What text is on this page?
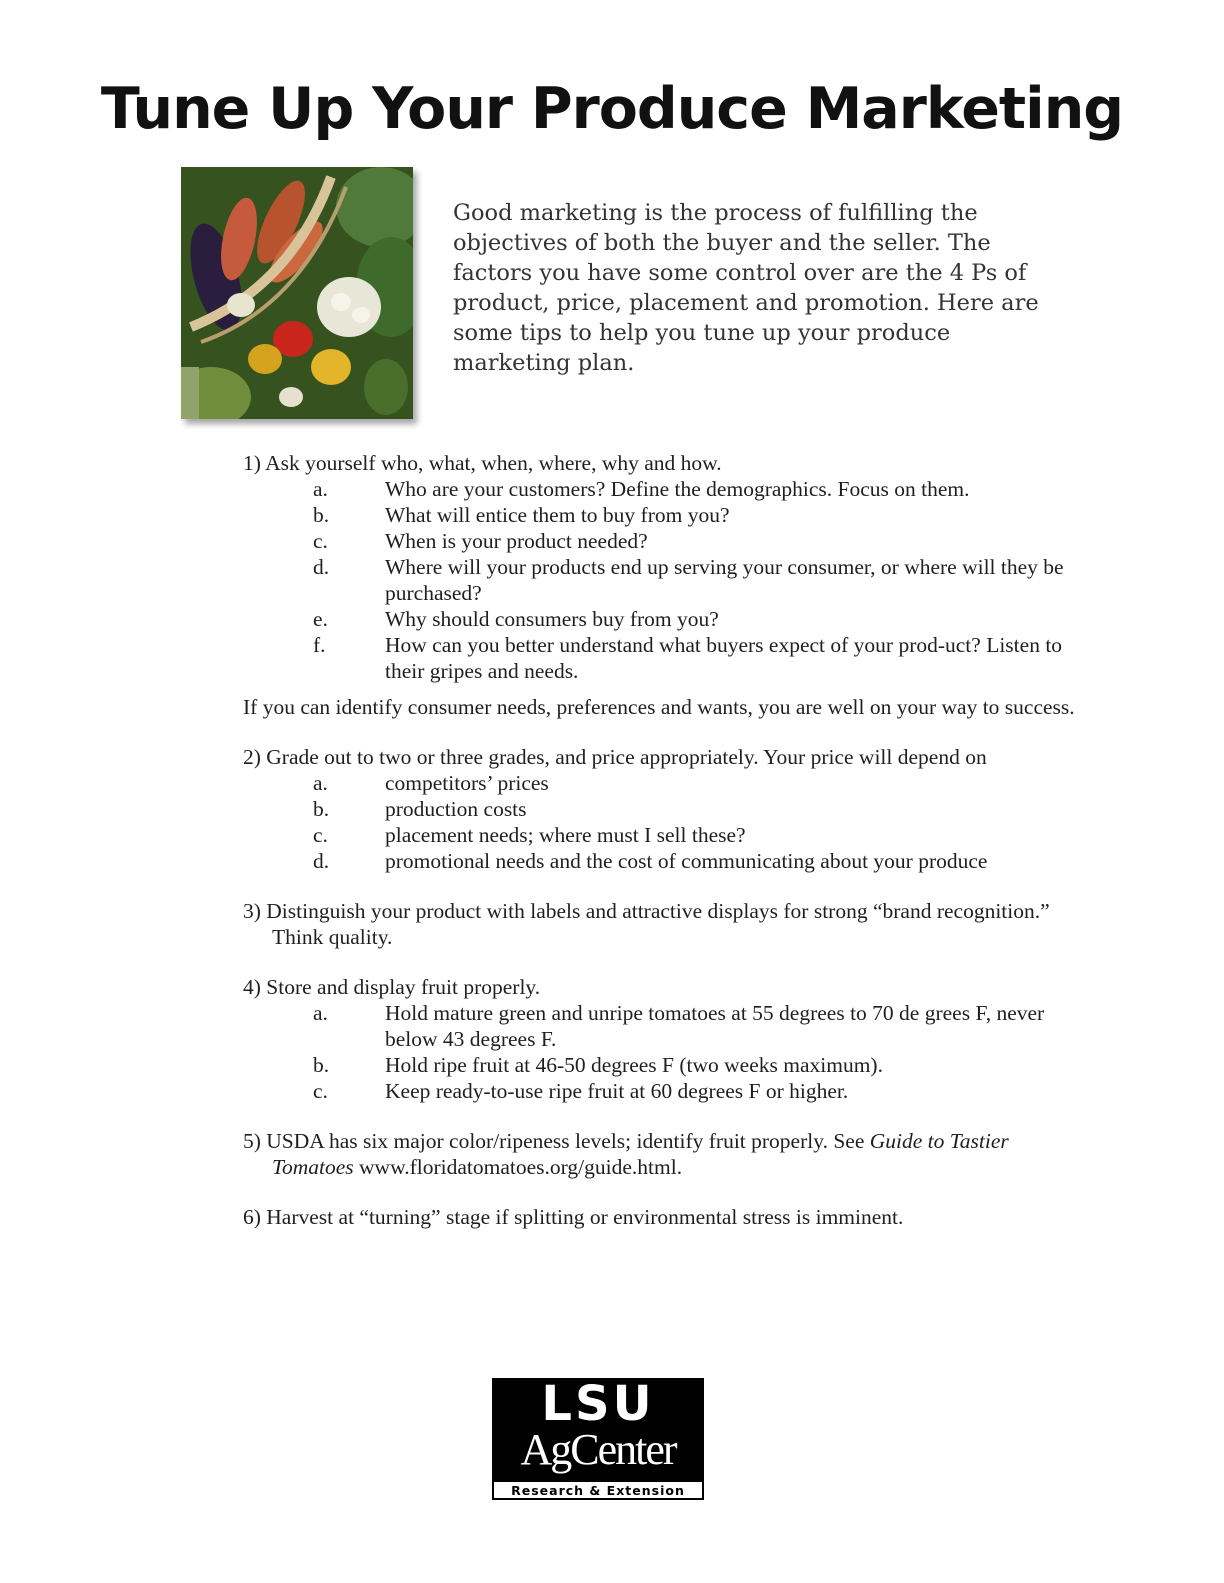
Tune Up Your Produce Marketing
Good marketing is the process of fulfilling the objectives of both the buyer and the seller. The factors you have some control over are the 4 Ps of product, price, placement and promotion. Here are some tips to help you tune up your produce marketing plan.
1) Ask yourself who, what, when, where, why and how.
a.	Who are your customers? Define the demographics. Focus on them.
b.	What will entice them to buy from you?
c.	When is your product needed?
d.	Where will your products end up serving your consumer, or where will they be purchased?
e.	Why should consumers buy from you?
f.	How can you better understand what buyers expect of your prod-uct? Listen to their gripes and needs.
If you can identify consumer needs, preferences and wants, you are well on your way to success.
2) Grade out to two or three grades, and price appropriately. Your price will depend on
a.	competitors’ prices
b.	production costs
c.	placement needs; where must I sell these?
d.	promotional needs and the cost of communicating about your produce
3) Distinguish your product with labels and attractive displays for strong “brand recognition.” Think quality.
4) Store and display fruit properly.
a.	Hold mature green and unripe tomatoes at 55 degrees to 70 de grees F, never below 43 degrees F.
b.	Hold ripe fruit at 46-50 degrees F (two weeks maximum).
c.	Keep ready-to-use ripe fruit at 60 degrees F or higher.
5) USDA has six major color/ripeness levels; identify fruit properly. See Guide to Tastier Tomatoes www.floridatomatoes.org/guide.html.
6) Harvest at “turning” stage if splitting or environmental stress is imminent.
LSU
AgCenter
Research & Extension
